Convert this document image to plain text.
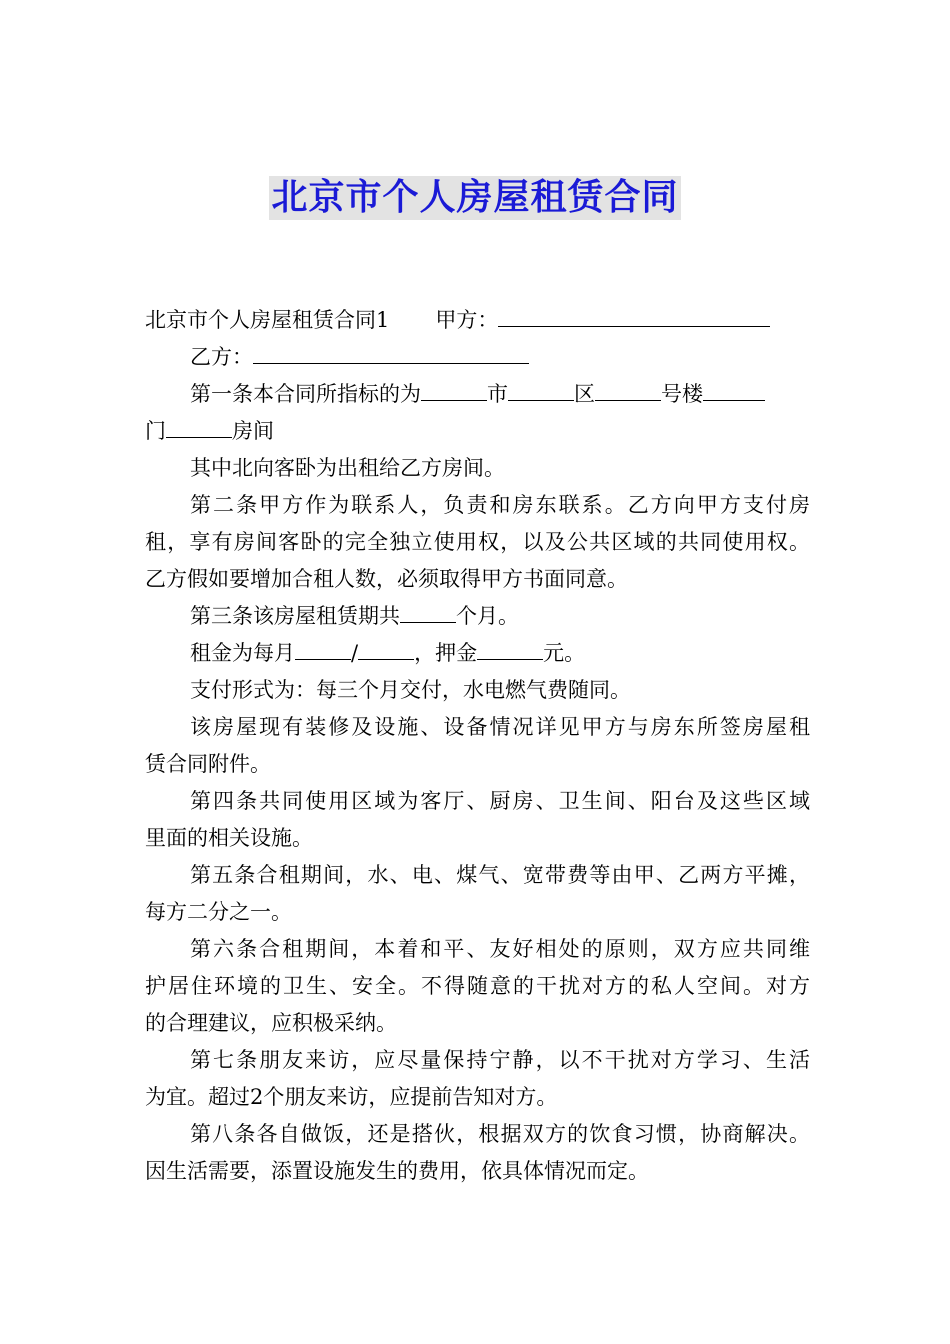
北京市个人房屋租赁合同
北京市个人房屋租赁合同1 甲方：
乙方：
第一条本合同所指标的为	市	区	号楼
门	房间
其中北向客卧为出租给乙方房间。
第二条甲方作为联系人，负责和房东联系。乙方向甲方支付房
租，享有房间客卧的完全独立使用权，以及公共区域的共同使用权。
乙方假如要增加合租人数，必须取得甲方书面同意。
第三条该房屋租赁期共	个月。
租金为每月	/	，押金	元。
支付形式为：每三个月交付，水电燃气费随同。
该房屋现有装修及设施、设备情况详见甲方与房东所签房屋租
赁合同附件。
第四条共同使用区域为客厅、厨房、卫生间、阳台及这些区域
里面的相关设施。
第五条合租期间，水、电、煤气、宽带费等由甲、乙两方平摊，
每方二分之一。
第六条合租期间，本着和平、友好相处的原则，双方应共同维
护居住环境的卫生、安全。不得随意的干扰对方的私人空间。对方
的合理建议，应积极采纳。
第七条朋友来访，应尽量保持宁静，以不干扰对方学习、生活
为宜。超过2个朋友来访，应提前告知对方。
第八条各自做饭，还是搭伙，根据双方的饮食习惯，协商解决。
因生活需要，添置设施发生的费用，依具体情况而定。
